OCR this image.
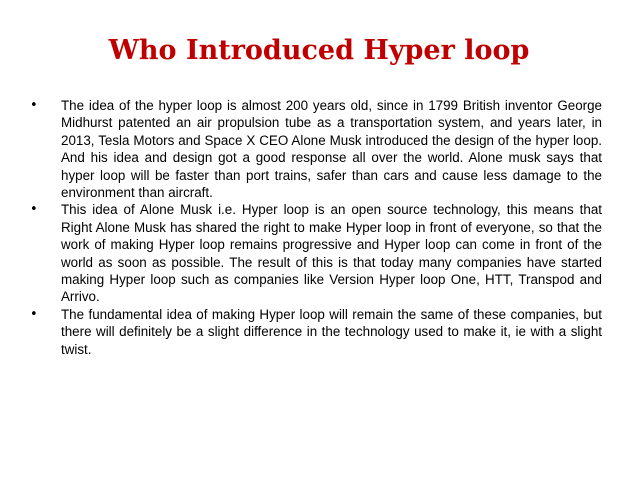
Who Introduced Hyper loop
• The idea of the hyper loop is almost 200 years old, since in 1799 British inventor George Midhurst patented an air propulsion tube as a transportation system, and years later, in 2013, Tesla Motors and Space X CEO Alone Musk introduced the design of the hyper loop. And his idea and design got a good response all over the world. Alone musk says that hyper loop will be faster than port trains, safer than cars and cause less damage to the environment than aircraft.
• This idea of Alone Musk i.e. Hyper loop is an open source technology, this means that Right Alone Musk has shared the right to make Hyper loop in front of everyone, so that the work of making Hyper loop remains progressive and Hyper loop can come in front of the world as soon as possible. The result of this is that today many companies have started making Hyper loop such as companies like Version Hyper loop One, HTT, Transpod and Arrivo.
• The fundamental idea of making Hyper loop will remain the same of these companies, but there will definitely be a slight difference in the technology used to make it, ie with a slight twist.
